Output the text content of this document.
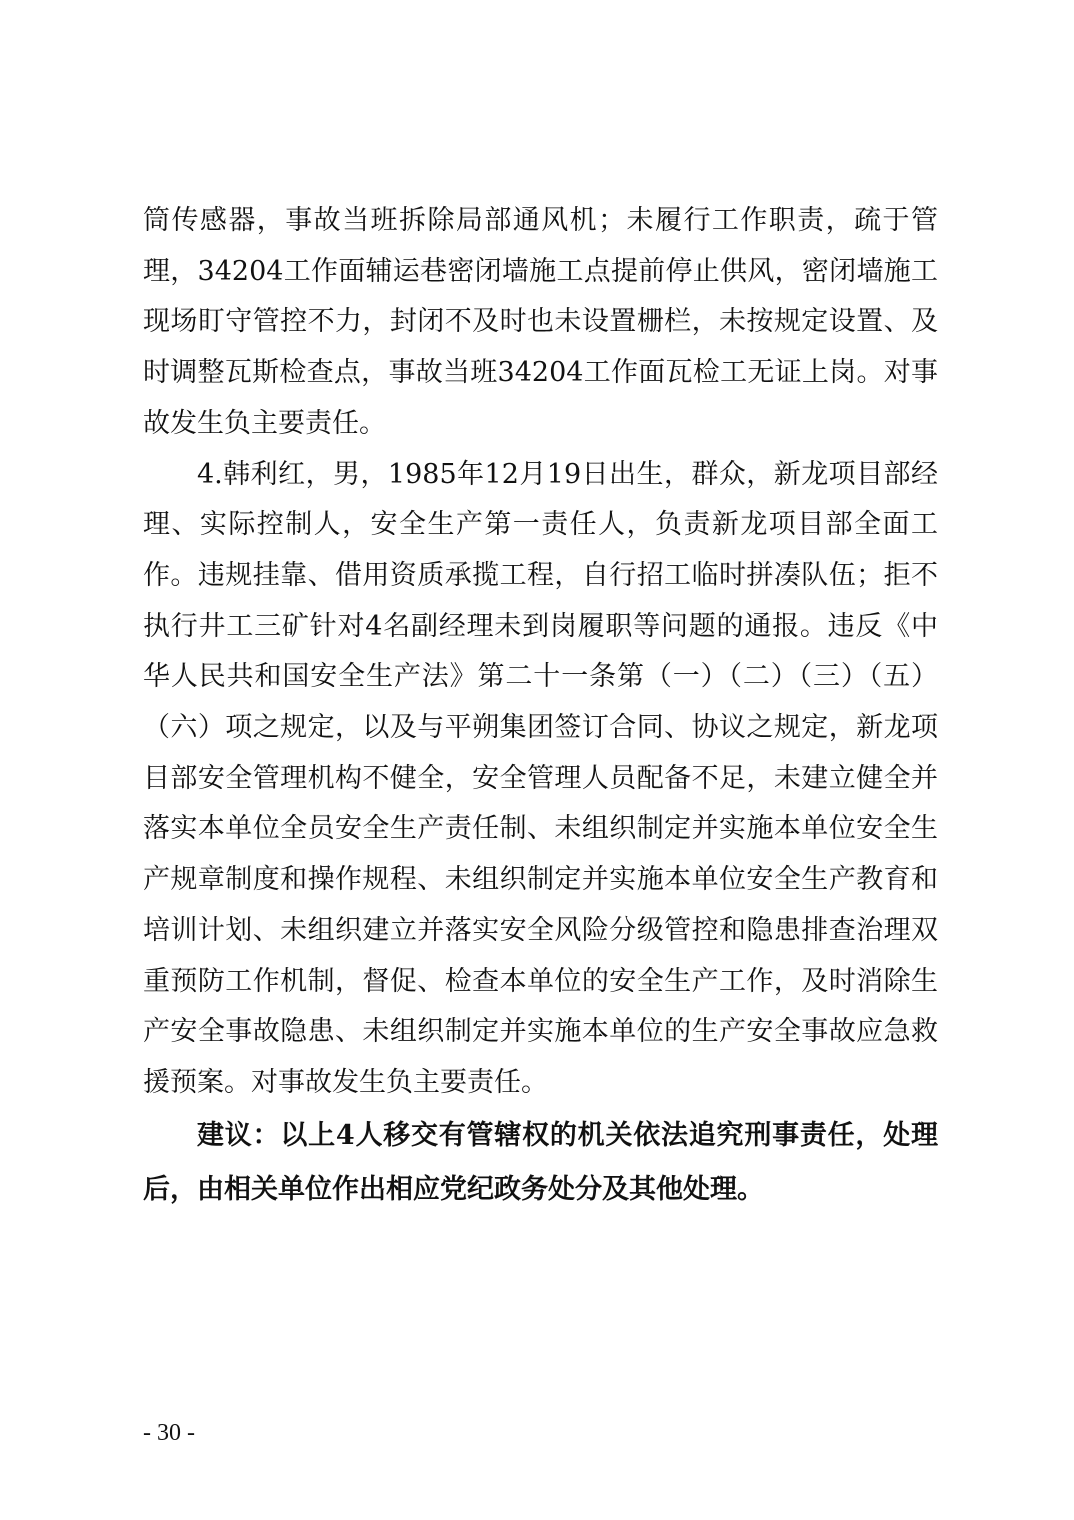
筒传感器，事故当班拆除局部通风机；未履行工作职责，疏于管理，34204工作面辅运巷密闭墙施工点提前停止供风，密闭墙施工现场盯守管控不力，封闭不及时也未设置栅栏，未按规定设置、及时调整瓦斯检查点，事故当班34204工作面瓦检工无证上岗。对事故发生负主要责任。

4.韩利红，男，1985年12月19日出生，群众，新龙项目部经理、实际控制人，安全生产第一责任人，负责新龙项目部全面工作。违规挂靠、借用资质承揽工程，自行招工临时拼凑队伍；拒不执行井工三矿针对4名副经理未到岗履职等问题的通报。违反《中华人民共和国安全生产法》第二十一条第（一）（二）（三）（五）（六）项之规定，以及与平朔集团签订合同、协议之规定，新龙项目部安全管理机构不健全，安全管理人员配备不足，未建立健全并落实本单位全员安全生产责任制、未组织制定并实施本单位安全生产规章制度和操作规程、未组织制定并实施本单位安全生产教育和培训计划、未组织建立并落实安全风险分级管控和隐患排查治理双重预防工作机制，督促、检查本单位的安全生产工作，及时消除生产安全事故隐患、未组织制定并实施本单位的生产安全事故应急救援预案。对事故发生负主要责任。

建议：以上4人移交有管辖权的机关依法追究刑事责任，处理后，由相关单位作出相应党纪政务处分及其他处理。

- 30 -
